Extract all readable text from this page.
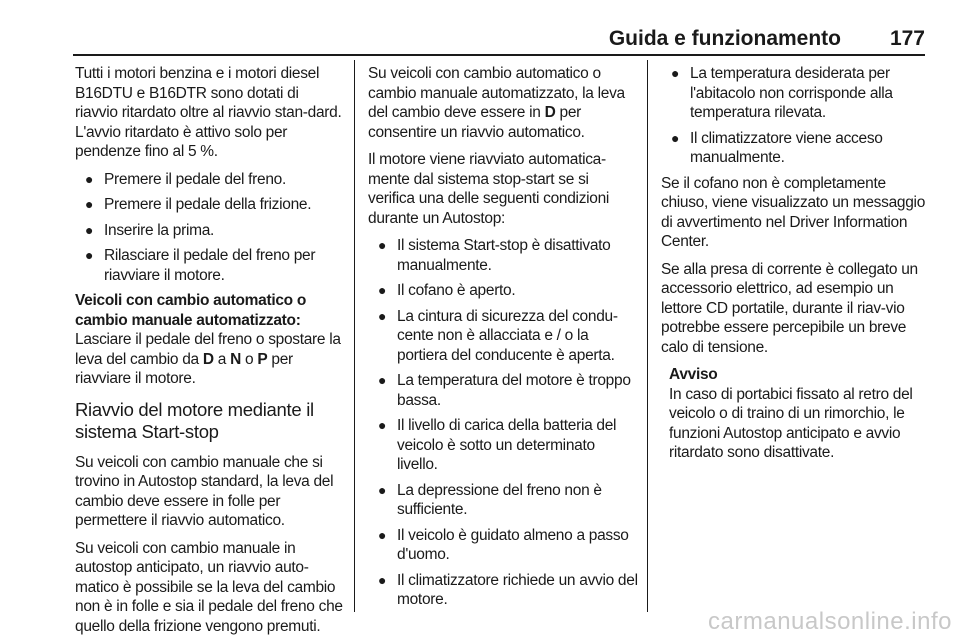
Guida e funzionamento 177

Tutti i motori benzina e i motori diesel B16DTU e B16DTR sono dotati di riavvio ritardato oltre al riavvio stan-dard. L'avvio ritardato è attivo solo per pendenze fino al 5 %.

● Premere il pedale del freno.
● Premere il pedale della frizione.
● Inserire la prima.
● Rilasciare il pedale del freno per riavviare il motore.

Veicoli con cambio automatico o cambio manuale automatizzato:

Lasciare il pedale del freno o spostare la leva del cambio da D a N o P per riavviare il motore.

Riavvio del motore mediante il sistema Start-stop

Su veicoli con cambio manuale che si trovino in Autostop standard, la leva del cambio deve essere in folle per permettere il riavvio automatico.

Su veicoli con cambio manuale in autostop anticipato, un riavvio auto-matico è possibile se la leva del cambio non è in folle e sia il pedale del freno che quello della frizione vengono premuti.

Su veicoli con cambio automatico o cambio manuale automatizzato, la leva del cambio deve essere in D per consentire un riavvio automatico.

Il motore viene riavviato automatica-mente dal sistema stop-start se si verifica una delle seguenti condizioni durante un Autostop:

● Il sistema Start-stop è disattivato manualmente.
● Il cofano è aperto.
● La cintura di sicurezza del condu-cente non è allacciata e / o la portiera del conducente è aperta.
● La temperatura del motore è troppo bassa.
● Il livello di carica della batteria del veicolo è sotto un determinato livello.
● La depressione del freno non è sufficiente.
● Il veicolo è guidato almeno a passo d'uomo.
● Il climatizzatore richiede un avvio del motore.
● La temperatura desiderata per l'abitacolo non corrisponde alla temperatura rilevata.
● Il climatizzatore viene acceso manualmente.

Se il cofano non è completamente chiuso, viene visualizzato un messaggio di avvertimento nel Driver Information Center.

Se alla presa di corrente è collegato un accessorio elettrico, ad esempio un lettore CD portatile, durante il riav-vio potrebbe essere percepibile un breve calo di tensione.

Avviso

In caso di portabici fissato al retro del veicolo o di traino di un rimorchio, le funzioni Autostop anticipato e avvio ritardato sono disattivate.

carmanualsonline.info
